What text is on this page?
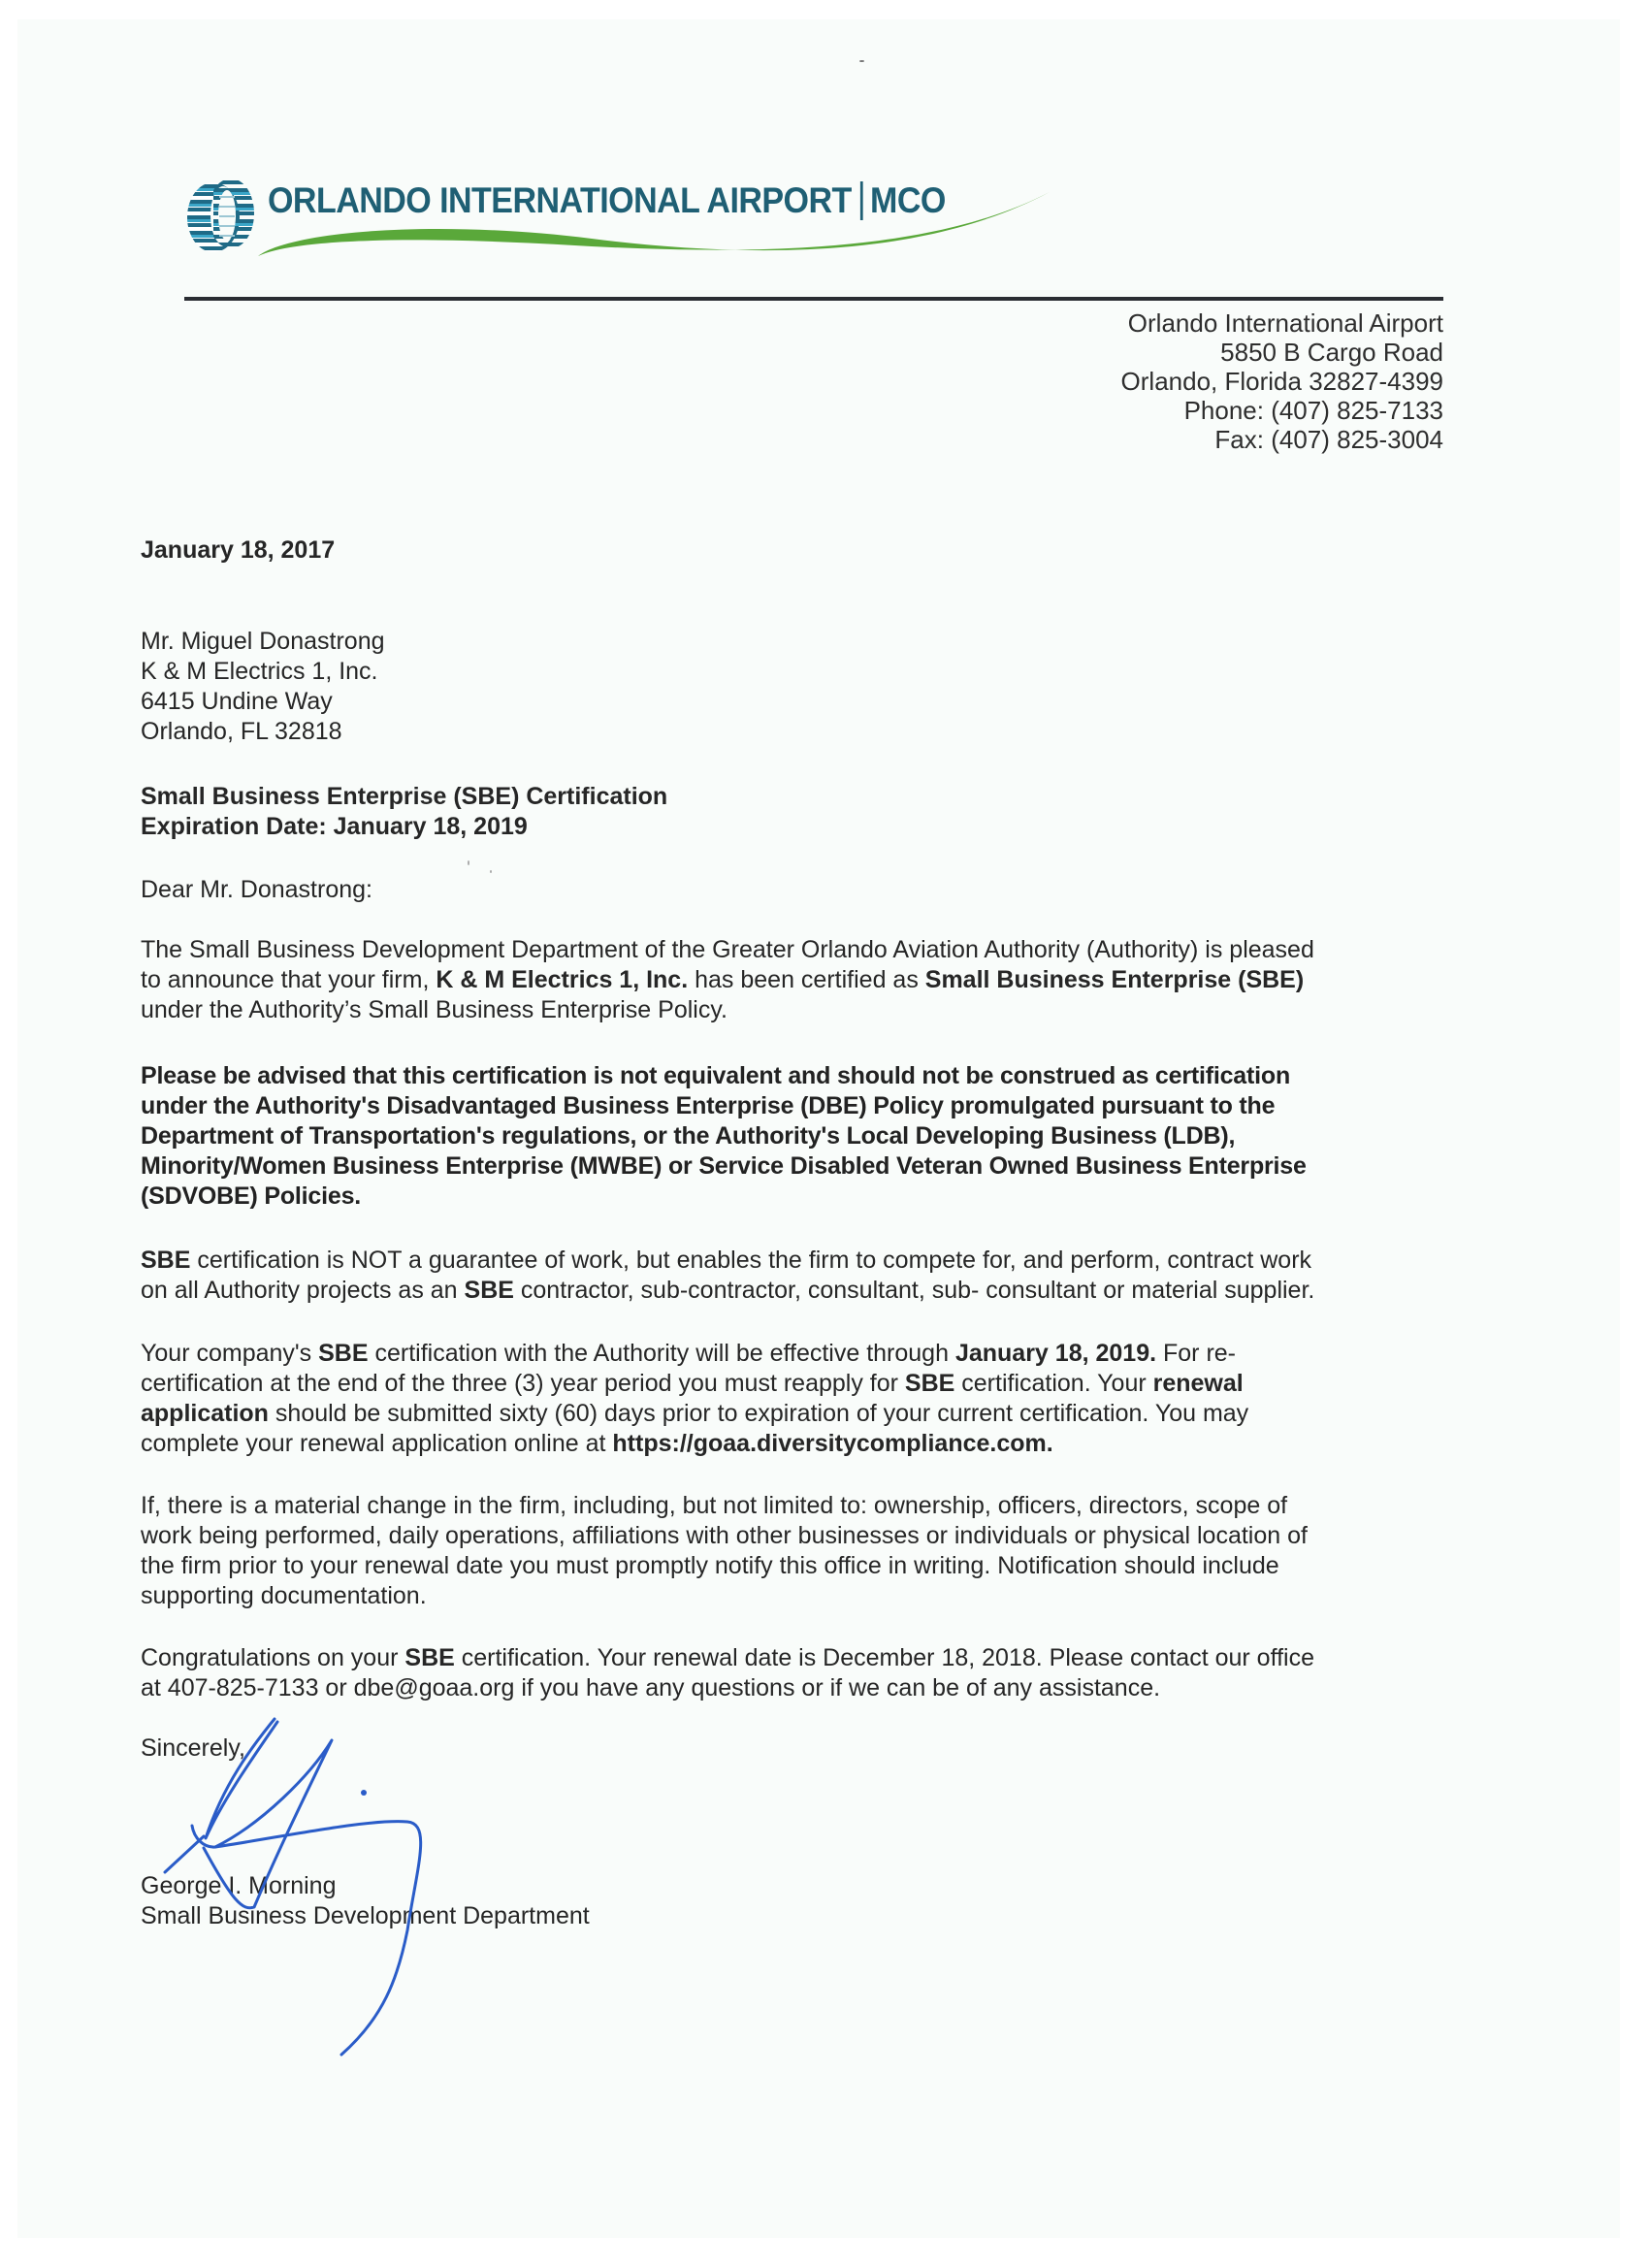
ORLANDO INTERNATIONAL AIRPORT MCO
Orlando International Airport
5850 B Cargo Road
Orlando, Florida 32827-4399
Phone: (407) 825-7133
Fax: (407) 825-3004
January 18, 2017
Mr. Miguel Donastrong
K & M Electrics 1, Inc.
6415 Undine Way
Orlando, FL 32818
Small Business Enterprise (SBE) Certification
Expiration Date: January 18, 2019
Dear Mr. Donastrong:
The Small Business Development Department of the Greater Orlando Aviation Authority (Authority) is pleased
to announce that your firm, K & M Electrics 1, Inc. has been certified as Small Business Enterprise (SBE)
under the Authority’s Small Business Enterprise Policy.
Please be advised that this certification is not equivalent and should not be construed as certification
under the Authority's Disadvantaged Business Enterprise (DBE) Policy promulgated pursuant to the
Department of Transportation's regulations, or the Authority's Local Developing Business (LDB),
Minority/Women Business Enterprise (MWBE) or Service Disabled Veteran Owned Business Enterprise
(SDVOBE) Policies.
SBE certification is NOT a guarantee of work, but enables the firm to compete for, and perform, contract work
on all Authority projects as an SBE contractor, sub-contractor, consultant, sub- consultant or material supplier.
Your company's SBE certification with the Authority will be effective through January 18, 2019. For re-
certification at the end of the three (3) year period you must reapply for SBE certification. Your renewal
application should be submitted sixty (60) days prior to expiration of your current certification. You may
complete your renewal application online at https://goaa.diversitycompliance.com.
If, there is a material change in the firm, including, but not limited to: ownership, officers, directors, scope of
work being performed, daily operations, affiliations with other businesses or individuals or physical location of
the firm prior to your renewal date you must promptly notify this office in writing. Notification should include
supporting documentation.
Congratulations on your SBE certification. Your renewal date is December 18, 2018. Please contact our office
at 407-825-7133 or dbe@goaa.org if you have any questions or if we can be of any assistance.
Sincerely,
George I. Morning
Small Business Development Department
